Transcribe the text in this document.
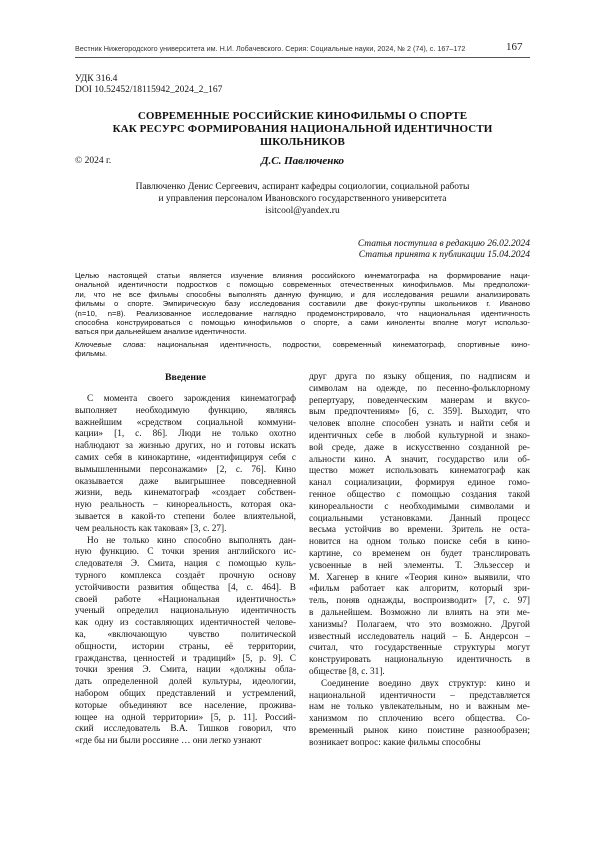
Вестник Нижегородского университета им. Н.И. Лобачевского. Серия: Социальные науки, 2024, № 2 (74), с. 167–172	167
УДК 316.4
DOI 10.52452/18115942_2024_2_167
СОВРЕМЕННЫЕ РОССИЙСКИЕ КИНОФИЛЬМЫ О СПОРТЕ
КАК РЕСУРС ФОРМИРОВАНИЯ НАЦИОНАЛЬНОЙ ИДЕНТИЧНОСТИ
ШКОЛЬНИКОВ
© 2024 г.	Д.С. Павлюченко
Павлюченко Денис Сергеевич, аспирант кафедры социологии, социальной работы
и управления персоналом Ивановского государственного университета
isitcool@yandex.ru
Статья поступила в редакцию 26.02.2024
Статья принята к публикации 15.04.2024
Целью настоящей статьи является изучение влияния российского кинематографа на формирование наци-
ональной идентичности подростков с помощью современных отечественных кинофильмов. Мы предположи-
ли, что не все фильмы способны выполнять данную функцию, и для исследования решили анализировать
фильмы о спорте. Эмпирическую базу исследования составили две фокус-группы школьников г. Иваново
(n=10, n=8). Реализованное исследование наглядно продемонстрировало, что национальная идентичность
способна конструироваться с помощью кинофильмов о спорте, а сами киноленты вполне могут использо-
ваться при дальнейшем анализе идентичности.
Ключевые слова: национальная идентичность, подростки, современный кинематограф, спортивные кино-
фильмы.
Введение
С момента своего зарождения кинематограф
выполняет необходимую функцию, являясь
важнейшим «средством социальной коммуни-
кации» [1, с. 86]. Люди не только охотно
наблюдают за жизнью других, но и готовы искать
самих себя в кинокартине, «идентифицируя себя с
вымышленными персонажами» [2, с. 76]. Кино
оказывается даже выигрышнее повседневной
жизни, ведь кинематограф «создает собствен-
ную реальность – кинореальность, которая ока-
зывается в какой-то степени более влиятельной,
чем реальность как таковая» [3, с. 27].
Но не только кино способно выполнять дан-
ную функцию. С точки зрения английского ис-
следователя Э. Смита, нация с помощью куль-
турного комплекса создаёт прочную основу
устойчивости развития общества [4, с. 464]. В
своей работе «Национальная идентичность»
ученый определил национальную идентичность
как одну из составляющих идентичностей челове-
ка, «включающую чувство политической
общности, истории страны, её территории,
гражданства, ценностей и традиций» [5, р. 9]. С
точки зрения Э. Смита, нации «должны обла-
дать определенной долей культуры, идеологии,
набором общих представлений и устремлений,
которые объединяют все население, прожива-
ющее на одной территории» [5, р. 11]. Россий-
ский исследователь В.А. Тишков говорил, что
«где бы ни были россияне … они легко узнают
друг друга по языку общения, по надписям и
символам на одежде, по песенно-фольклорному
репертуару, поведенческим манерам и вкусо-
вым предпочтениям» [6, с. 359]. Выходит, что
человек вполне способен узнать и найти себя и
идентичных себе в любой культурной и знако-
вой среде, даже в искусственно созданной ре-
альности кино. А значит, государство или об-
щество может использовать кинематограф как
канал социализации, формируя единое гомо-
генное общество с помощью создания такой
кинореальности с необходимыми символами и
социальными установками. Данный процесс
весьма устойчив во времени. Зритель не оста-
новится на одном только поиске себя в кино-
картине, со временем он будет транслировать
усвоенные в ней элементы. Т. Эльзессер и
М. Хагенер в книге «Теория кино» выявили, что
«фильм работает как алгоритм, который зри-
тель, поняв однажды, воспроизводит» [7, с. 97]
в дальнейшем. Возможно ли влиять на эти ме-
ханизмы? Полагаем, что это возможно. Другой
известный исследователь наций – Б. Андерсон –
считал, что государственные структуры могут
конструировать национальную идентичность в
обществе [8, с. 31].
Соединение воедино двух структур: кино и
национальной идентичности – представляется
нам не только увлекательным, но и важным ме-
ханизмом по сплочению всего общества. Со-
временный рынок кино поистине разнообразен;
возникает вопрос: какие фильмы способны
